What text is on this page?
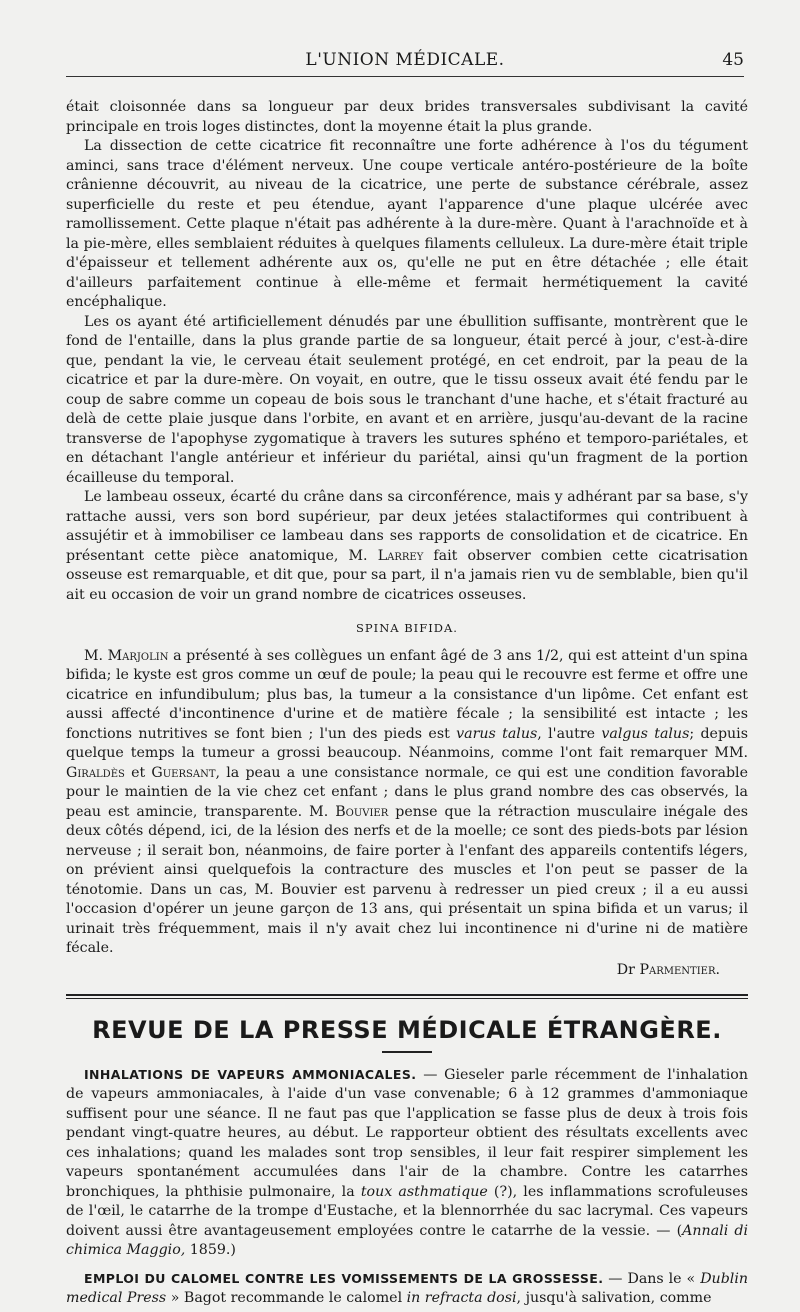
L'UNION MÉDICALE.	45

était cloisonnée dans sa longueur par deux brides transversales subdivisant la cavité principale en trois loges distinctes, dont la moyenne était la plus grande.

La dissection de cette cicatrice fit reconnaître une forte adhérence à l'os du tégument aminci, sans trace d'élément nerveux. Une coupe verticale antéro-postérieure de la boîte crânienne découvrit, au niveau de la cicatrice, une perte de substance cérébrale, assez superficielle du reste et peu étendue, ayant l'apparence d'une plaque ulcérée avec ramollissement. Cette plaque n'était pas adhérente à la dure-mère. Quant à l'arachnoïde et à la pie-mère, elles semblaient réduites à quelques filaments celluleux. La dure-mère était triple d'épaisseur et tellement adhérente aux os, qu'elle ne put en être détachée ; elle était d'ailleurs parfaitement continue à elle-même et fermait hermétiquement la cavité encéphalique.

Les os ayant été artificiellement dénudés par une ébullition suffisante, montrèrent que le fond de l'entaille, dans la plus grande partie de sa longueur, était percé à jour, c'est-à-dire que, pendant la vie, le cerveau était seulement protégé, en cet endroit, par la peau de la cicatrice et par la dure-mère. On voyait, en outre, que le tissu osseux avait été fendu par le coup de sabre comme un copeau de bois sous le tranchant d'une hache, et s'était fracturé au delà de cette plaie jusque dans l'orbite, en avant et en arrière, jusqu'au-devant de la racine transverse de l'apophyse zygomatique à travers les sutures sphéno et temporo-pariétales, et en détachant l'angle antérieur et inférieur du pariétal, ainsi qu'un fragment de la portion écailleuse du temporal.

Le lambeau osseux, écarté du crâne dans sa circonférence, mais y adhérant par sa base, s'y rattache aussi, vers son bord supérieur, par deux jetées stalactiformes qui contribuent à assujétir et à immobiliser ce lambeau dans ses rapports de consolidation et de cicatrice. En présentant cette pièce anatomique, M. Larrey fait observer combien cette cicatrisation osseuse est remarquable, et dit que, pour sa part, il n'a jamais rien vu de semblable, bien qu'il ait eu occasion de voir un grand nombre de cicatrices osseuses.

SPINA BIFIDA.

M. Marjolin a présenté à ses collègues un enfant âgé de 3 ans 1/2, qui est atteint d'un spina bifida; le kyste est gros comme un œuf de poule; la peau qui le recouvre est ferme et offre une cicatrice en infundibulum; plus bas, la tumeur a la consistance d'un lipôme. Cet enfant est aussi affecté d'incontinence d'urine et de matière fécale ; la sensibilité est intacte ; les fonctions nutritives se font bien ; l'un des pieds est varus talus, l'autre valgus talus; depuis quelque temps la tumeur a grossi beaucoup. Néanmoins, comme l'ont fait remarquer MM. Giraldès et Guersant, la peau a une consistance normale, ce qui est une condition favorable pour le maintien de la vie chez cet enfant ; dans le plus grand nombre des cas observés, la peau est amincie, transparente. M. Bouvier pense que la rétraction musculaire inégale des deux côtés dépend, ici, de la lésion des nerfs et de la moelle; ce sont des pieds-bots par lésion nerveuse ; il serait bon, néanmoins, de faire porter à l'enfant des appareils contentifs légers, on prévient ainsi quelquefois la contracture des muscles et l'on peut se passer de la ténotomie. Dans un cas, M. Bouvier est parvenu à redresser un pied creux ; il a eu aussi l'occasion d'opérer un jeune garçon de 13 ans, qui présentait un spina bifida et un varus; il urinait très fréquemment, mais il n'y avait chez lui incontinence ni d'urine ni de matière fécale.

Dr Parmentier.
REVUE DE LA PRESSE MÉDICALE ÉTRANGÈRE.

INHALATIONS DE VAPEURS AMMONIACALES. — Gieseler parle récemment de l'inhalation de vapeurs ammoniacales, à l'aide d'un vase convenable; 6 à 12 grammes d'ammoniaque suffisent pour une séance. Il ne faut pas que l'application se fasse plus de deux à trois fois pendant vingt-quatre heures, au début. Le rapporteur obtient des résultats excellents avec ces inhalations; quand les malades sont trop sensibles, il leur fait respirer simplement les vapeurs spontanément accumulées dans l'air de la chambre. Contre les catarrhes bronchiques, la phthisie pulmonaire, la toux asthmatique (?), les inflammations scrofuleuses de l'œil, le catarrhe de la trompe d'Eustache, et la blennorrhée du sac lacrymal. Ces vapeurs doivent aussi être avantageusement employées contre le catarrhe de la vessie. — (Annali di chimica Maggio, 1859.)

EMPLOI DU CALOMEL CONTRE LES VOMISSEMENTS DE LA GROSSESSE. — Dans le « Dublin medical Press » Bagot recommande le calomel in refracta dosi, jusqu'à salivation, comme
